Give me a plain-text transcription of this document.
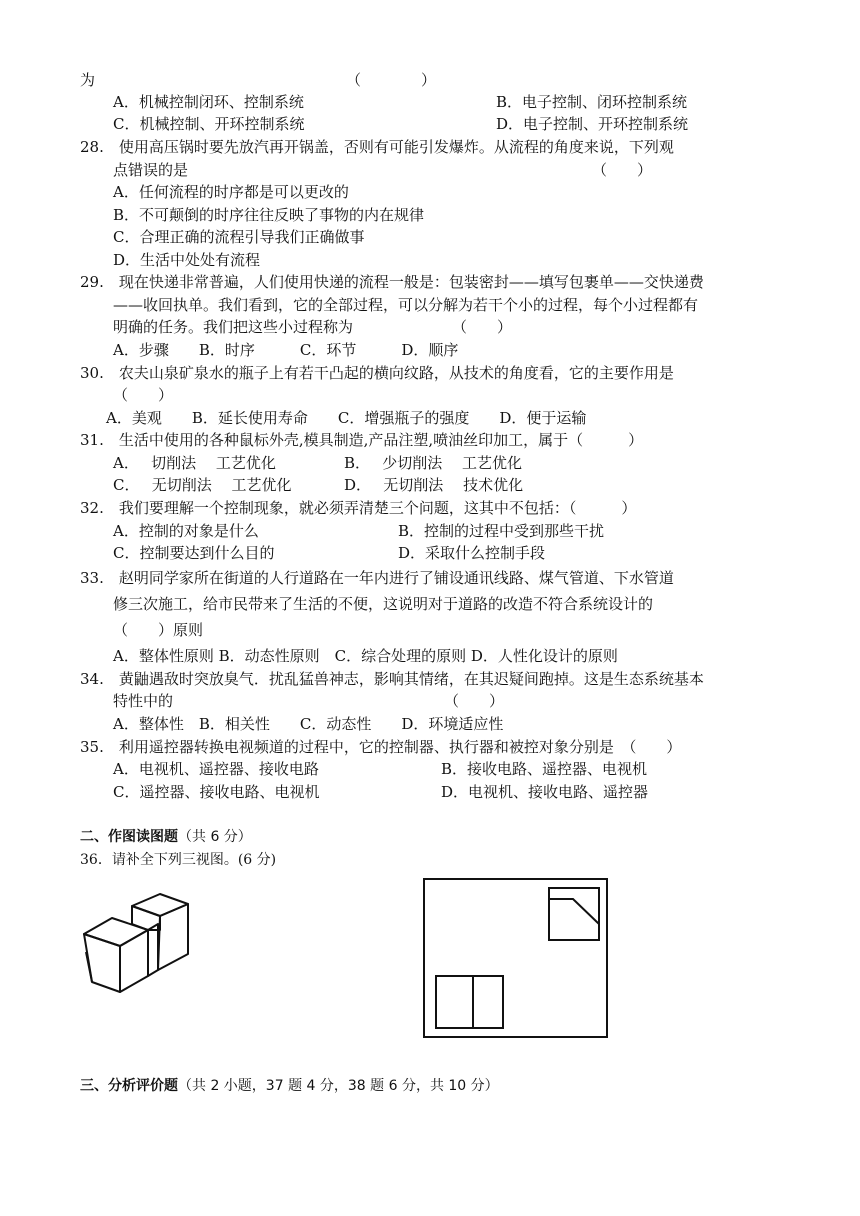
为	（　　　　）
A．机械控制闭环、控制系统	B．电子控制、闭环控制系统
C．机械控制、开环控制系统	D．电子控制、开环控制系统
28.　使用高压锅时要先放汽再开锅盖，否则有可能引发爆炸。从流程的角度来说，下列观
点错误的是	（　　）
A．任何流程的时序都是可以更改的
B．不可颠倒的时序往往反映了事物的内在规律
C．合理正确的流程引导我们正确做事
D．生活中处处有流程
29.　现在快递非常普遍，人们使用快递的流程一般是：包装密封——填写包裹单——交快递费
——收回执单。我们看到，它的全部过程，可以分解为若干个小的过程，每个小过程都有
明确的任务。我们把这些小过程称为	（　　）
A．步骤　　B．时序　　　C．环节　　　D．顺序
30.　农夫山泉矿泉水的瓶子上有若干凸起的横向纹路，从技术的角度看，它的主要作用是
（　　）
A．美观　　B．延长使用寿命　　C．增强瓶子的强度　　D．便于运输
31.　生活中使用的各种鼠标外壳,模具制造,产品注塑,喷油丝印加工，属于（　　　）
A．　 切削法　 工艺优化	B．　 少切削法　 工艺优化
C．　 无切削法　 工艺优化	D．　 无切削法　 技术优化
32.　我们要理解一个控制现象，就必须弄清楚三个问题，这其中不包括：（　　　）
A．控制的对象是什么	B．控制的过程中受到那些干扰
C．控制要达到什么目的	D．采取什么控制手段
33.　赵明同学家所在街道的人行道路在一年内进行了铺设通讯线路、煤气管道、下水管道
修三次施工，给市民带来了生活的不便，这说明对于道路的改造不符合系统设计的
（　　）原则
A．整体性原则 B．动态性原则　C．综合处理的原则 D．人性化设计的原则
34.　黄鼬遇敌时突放臭气．扰乱猛兽神志，影响其情绪，在其迟疑间跑掉。这是生态系统基本
特性中的	（　　）
A．整体性　B．相关性　　C．动态性　　D．环境适应性
35.　利用遥控器转换电视频道的过程中，它的控制器、执行器和被控对象分别是　（　　）
A．电视机、遥控器、接收电路	B．接收电路、遥控器、电视机
C．遥控器、接收电路、电视机	D．电视机、接收电路、遥控器
二、作图读图题（共 6 分）
36．请补全下列三视图。(6 分)
三、分析评价题（共 2 小题，37 题 4 分，38 题 6 分，共 10 分）
